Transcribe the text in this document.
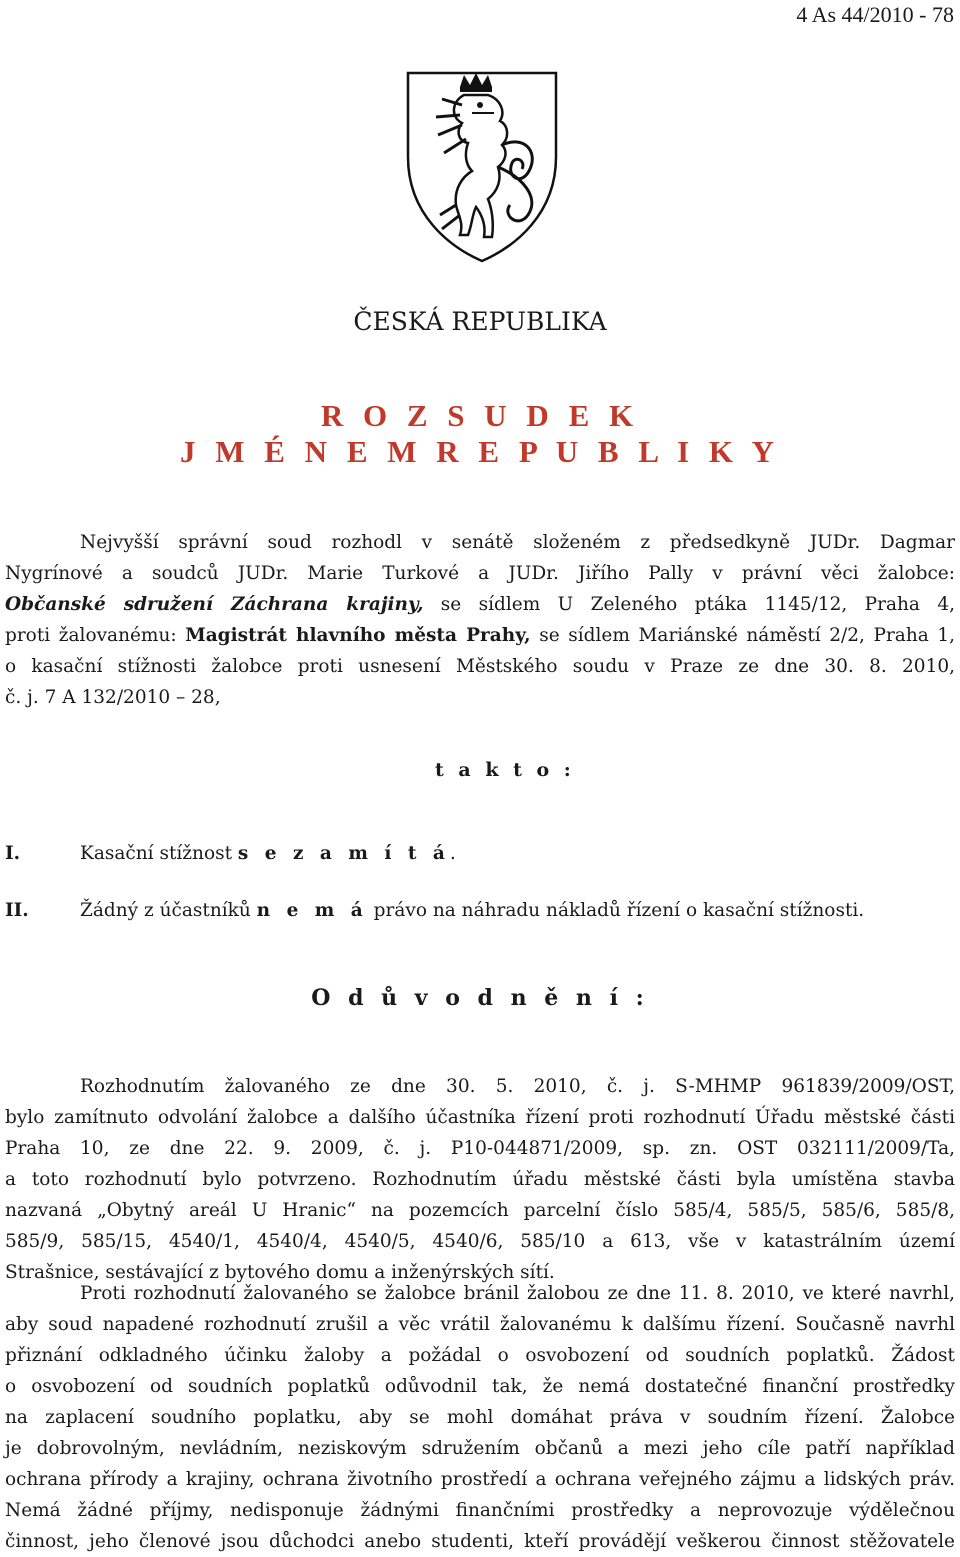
4 As 44/2010 - 78
ČESKÁ REPUBLIKA
R O Z S U D E K
J M É N E M R E P U B L I K Y
Nejvyšší správní soud rozhodl v senátě složeném z předsedkyně JUDr. Dagmar
Nygrínové a soudců JUDr. Marie Turkové a JUDr. Jiřího Pally v právní věci žalobce:
Občanské sdružení Záchrana krajiny, se sídlem U Zeleného ptáka 1145/12, Praha 4,
proti žalovanému: Magistrát hlavního města Prahy, se sídlem Mariánské náměstí 2/2, Praha 1,
o kasační stížnosti žalobce proti usnesení Městského soudu v Praze ze dne 30. 8. 2010,
č. j. 7 A 132/2010 – 28,
t a k t o :
I.	Kasační stížnost s e z a m í t á.
II.	Žádný z účastníků n e m á právo na náhradu nákladů řízení o kasační stížnosti.
O d ů v o d n ě n í :
Rozhodnutím žalovaného ze dne 30. 5. 2010, č. j. S-MHMP 961839/2009/OST,
bylo zamítnuto odvolání žalobce a dalšího účastníka řízení proti rozhodnutí Úřadu městské části
Praha 10, ze dne 22. 9. 2009, č. j. P10-044871/2009, sp. zn. OST 032111/2009/Ta,
a toto rozhodnutí bylo potvrzeno. Rozhodnutím úřadu městské části byla umístěna stavba
nazvaná „Obytný areál U Hranic“ na pozemcích parcelní číslo 585/4, 585/5, 585/6, 585/8,
585/9, 585/15, 4540/1, 4540/4, 4540/5, 4540/6, 585/10 a 613, vše v katastrálním území
Strašnice, sestávající z bytového domu a inženýrských sítí.
Proti rozhodnutí žalovaného se žalobce bránil žalobou ze dne 11. 8. 2010, ve které navrhl,
aby soud napadené rozhodnutí zrušil a věc vrátil žalovanému k dalšímu řízení. Současně navrhl
přiznání odkladného účinku žaloby a požádal o osvobození od soudních poplatků. Žádost
o osvobození od soudních poplatků odůvodnil tak, že nemá dostatečné finanční prostředky
na zaplacení soudního poplatku, aby se mohl domáhat práva v soudním řízení. Žalobce
je dobrovolným, nevládním, neziskovým sdružením občanů a mezi jeho cíle patří například
ochrana přírody a krajiny, ochrana životního prostředí a ochrana veřejného zájmu a lidských práv.
Nemá žádné příjmy, nedisponuje žádnými finančními prostředky a neprovozuje výdělečnou
činnost, jeho členové jsou důchodci anebo studenti, kteří provádějí veškerou činnost stěžovatele
